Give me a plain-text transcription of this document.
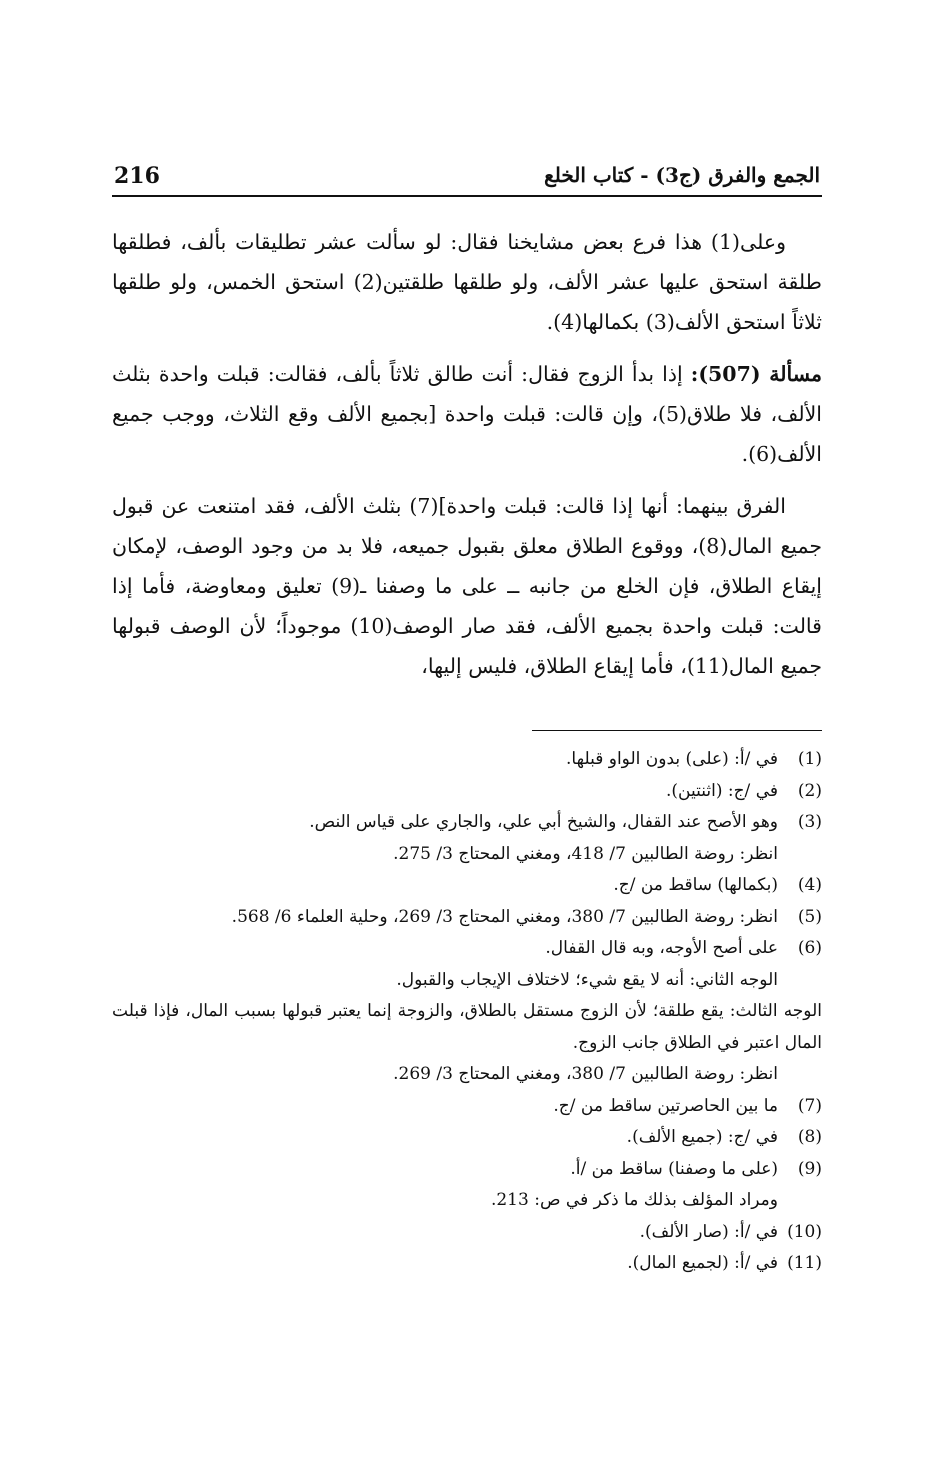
216	الجمع والفرق (ج3) - كتاب الخلع

وعلى(1) هذا فرع بعض مشايخنا فقال: لو سألت عشر تطليقات بألف، فطلقها طلقة استحق عليها عشر الألف، ولو طلقها طلقتين(2) استحق الخمس، ولو طلقها ثلاثاً استحق الألف(3) بكمالها(4).

مسألة (507): إذا بدأ الزوج فقال: أنت طالق ثلاثاً بألف، فقالت: قبلت واحدة بثلث الألف، فلا طلاق(5)، وإن قالت: قبلت واحدة [بجميع الألف وقع الثلاث، ووجب جميع الألف(6).

الفرق بينهما: أنها إذا قالت: قبلت واحدة](7) بثلث الألف، فقد امتنعت عن قبول جميع المال(8)، ووقوع الطلاق معلق بقبول جميعه، فلا بد من وجود الوصف، لإمكان إيقاع الطلاق، فإن الخلع من جانبه ــ على ما وصفنا ـ(9) تعليق ومعاوضة، فأما إذا قالت: قبلت واحدة بجميع الألف، فقد صار الوصف(10) موجوداً؛ لأن الوصف قبولها جميع المال(11)، فأما إيقاع الطلاق، فليس إليها،

(1)
في /أ: (على) بدون الواو قبلها.
(2)
في /ج: (اثنتين).
(3)
وهو الأصح عند القفال، والشيخ أبي علي، والجاري على قياس النص.
انظر: روضة الطالبين 7/ 418، ومغني المحتاج 3/ 275.
(4)
(بكمالها) ساقط من /ج.
(5)
انظر: روضة الطالبين 7/ 380، ومغني المحتاج 3/ 269، وحلية العلماء 6/ 568.
(6)
على أصح الأوجه، وبه قال القفال.
الوجه الثاني: أنه لا يقع شيء؛ لاختلاف الإيجاب والقبول.
الوجه الثالث: يقع طلقة؛ لأن الزوج مستقل بالطلاق، والزوجة إنما يعتبر قبولها بسبب المال، فإذا قبلت المال اعتبر في الطلاق جانب الزوج.
انظر: روضة الطالبين 7/ 380، ومغني المحتاج 3/ 269.
(7)
ما بين الحاصرتين ساقط من /ج.
(8)
في /ج: (جميع الألف).
(9)
(على ما وصفنا) ساقط من /أ.
ومراد المؤلف بذلك ما ذكر في ص: 213.
(10)
في /أ: (صار الألف).
(11)
في /أ: (لجميع المال).
